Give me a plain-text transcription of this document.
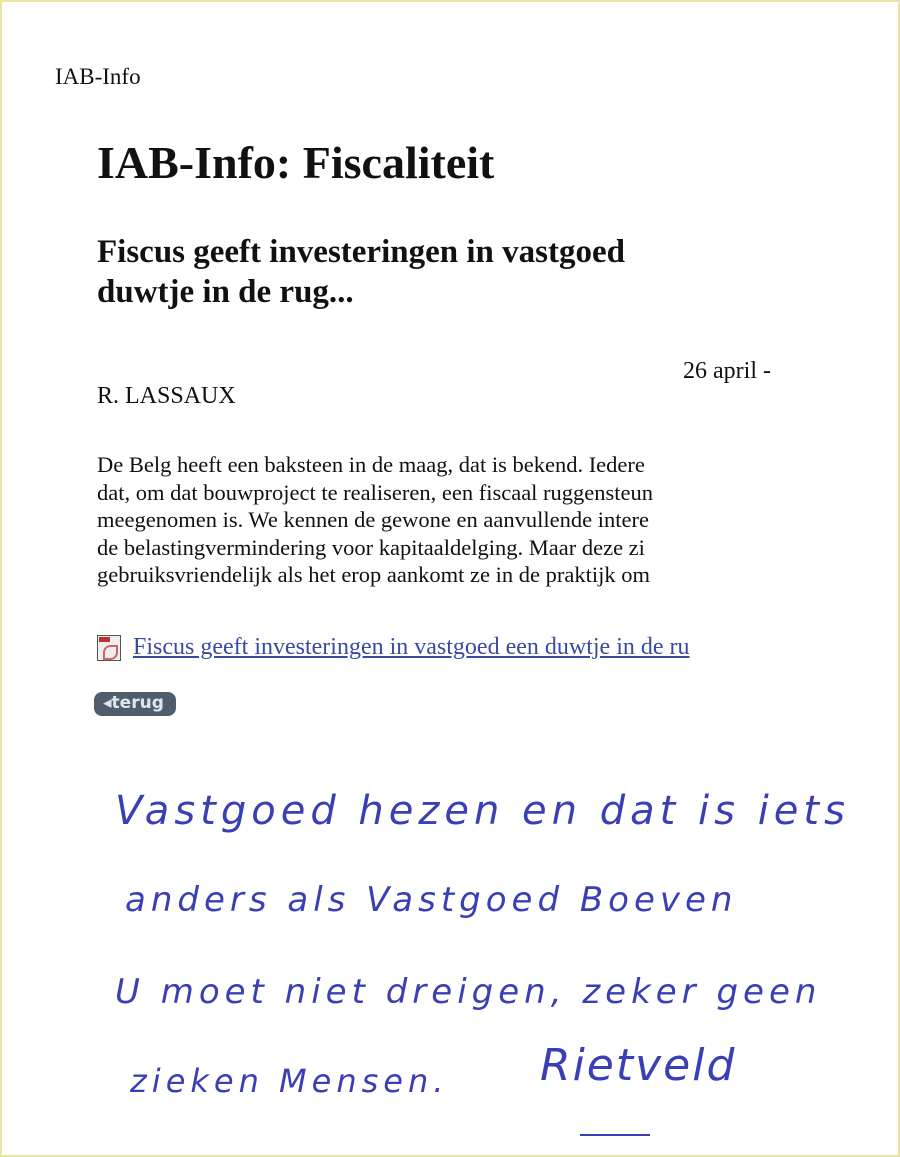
IAB-Info
IAB-Info: Fiscaliteit
Fiscus geeft investeringen in vastgoed
duwtje in de rug...
26 april -
R. LASSAUX
De Belg heeft een baksteen in de maag, dat is bekend. Iedere
dat, om dat bouwproject te realiseren, een fiscaal ruggensteun
meegenomen is. We kennen de gewone en aanvullende intere
de belastingvermindering voor kapitaaldelging. Maar deze zi
gebruiksvriendelijk als het erop aankomt ze in de praktijk om
Fiscus geeft investeringen in vastgoed een duwtje in de ru
◂terug
Vastgoed hezen en dat is iets
anders als Vastgoed Boeven
U moet niet dreigen, zeker geen
zieken Mensen. Rietveld
